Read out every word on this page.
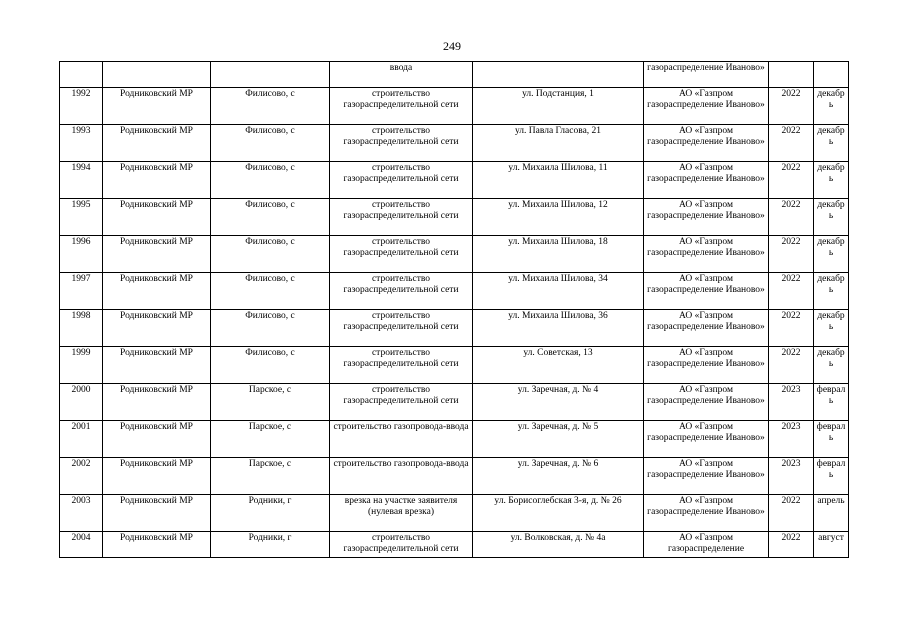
249
			ввода		газораспределение Иваново»		
1992	Родниковский МР	Филисово, с	строительство газораспределительной сети	ул. Подстанция, 1	АО «Газпром газораспределение Иваново»	2022	декабрь
1993	Родниковский МР	Филисово, с	строительство газораспределительной сети	ул. Павла Гласова, 21	АО «Газпром газораспределение Иваново»	2022	декабрь
1994	Родниковский МР	Филисово, с	строительство газораспределительной сети	ул. Михаила Шилова, 11	АО «Газпром газораспределение Иваново»	2022	декабрь
1995	Родниковский МР	Филисово, с	строительство газораспределительной сети	ул. Михаила Шилова, 12	АО «Газпром газораспределение Иваново»	2022	декабрь
1996	Родниковский МР	Филисово, с	строительство газораспределительной сети	ул. Михаила Шилова, 18	АО «Газпром газораспределение Иваново»	2022	декабрь
1997	Родниковский МР	Филисово, с	строительство газораспределительной сети	ул. Михаила Шилова, 34	АО «Газпром газораспределение Иваново»	2022	декабрь
1998	Родниковский МР	Филисово, с	строительство газораспределительной сети	ул. Михаила Шилова, 36	АО «Газпром газораспределение Иваново»	2022	декабрь
1999	Родниковский МР	Филисово, с	строительство газораспределительной сети	ул. Советская, 13	АО «Газпром газораспределение Иваново»	2022	декабрь
2000	Родниковский МР	Парское, с	строительство газораспределительной сети	ул. Заречная, д. № 4	АО «Газпром газораспределение Иваново»	2023	февраль
2001	Родниковский МР	Парское, с	строительство газопровода-ввода	ул. Заречная, д. № 5	АО «Газпром газораспределение Иваново»	2023	февраль
2002	Родниковский МР	Парское, с	строительство газопровода-ввода	ул. Заречная, д. № 6	АО «Газпром газораспределение Иваново»	2023	февраль
2003	Родниковский МР	Родники, г	врезка на участке заявителя (нулевая врезка)	ул. Борисоглебская 3-я, д. № 26	АО «Газпром газораспределение Иваново»	2022	апрель
2004	Родниковский МР	Родники, г	строительство газораспределительной сети	ул. Волковская, д. № 4а	АО «Газпром газораспределение	2022	август
